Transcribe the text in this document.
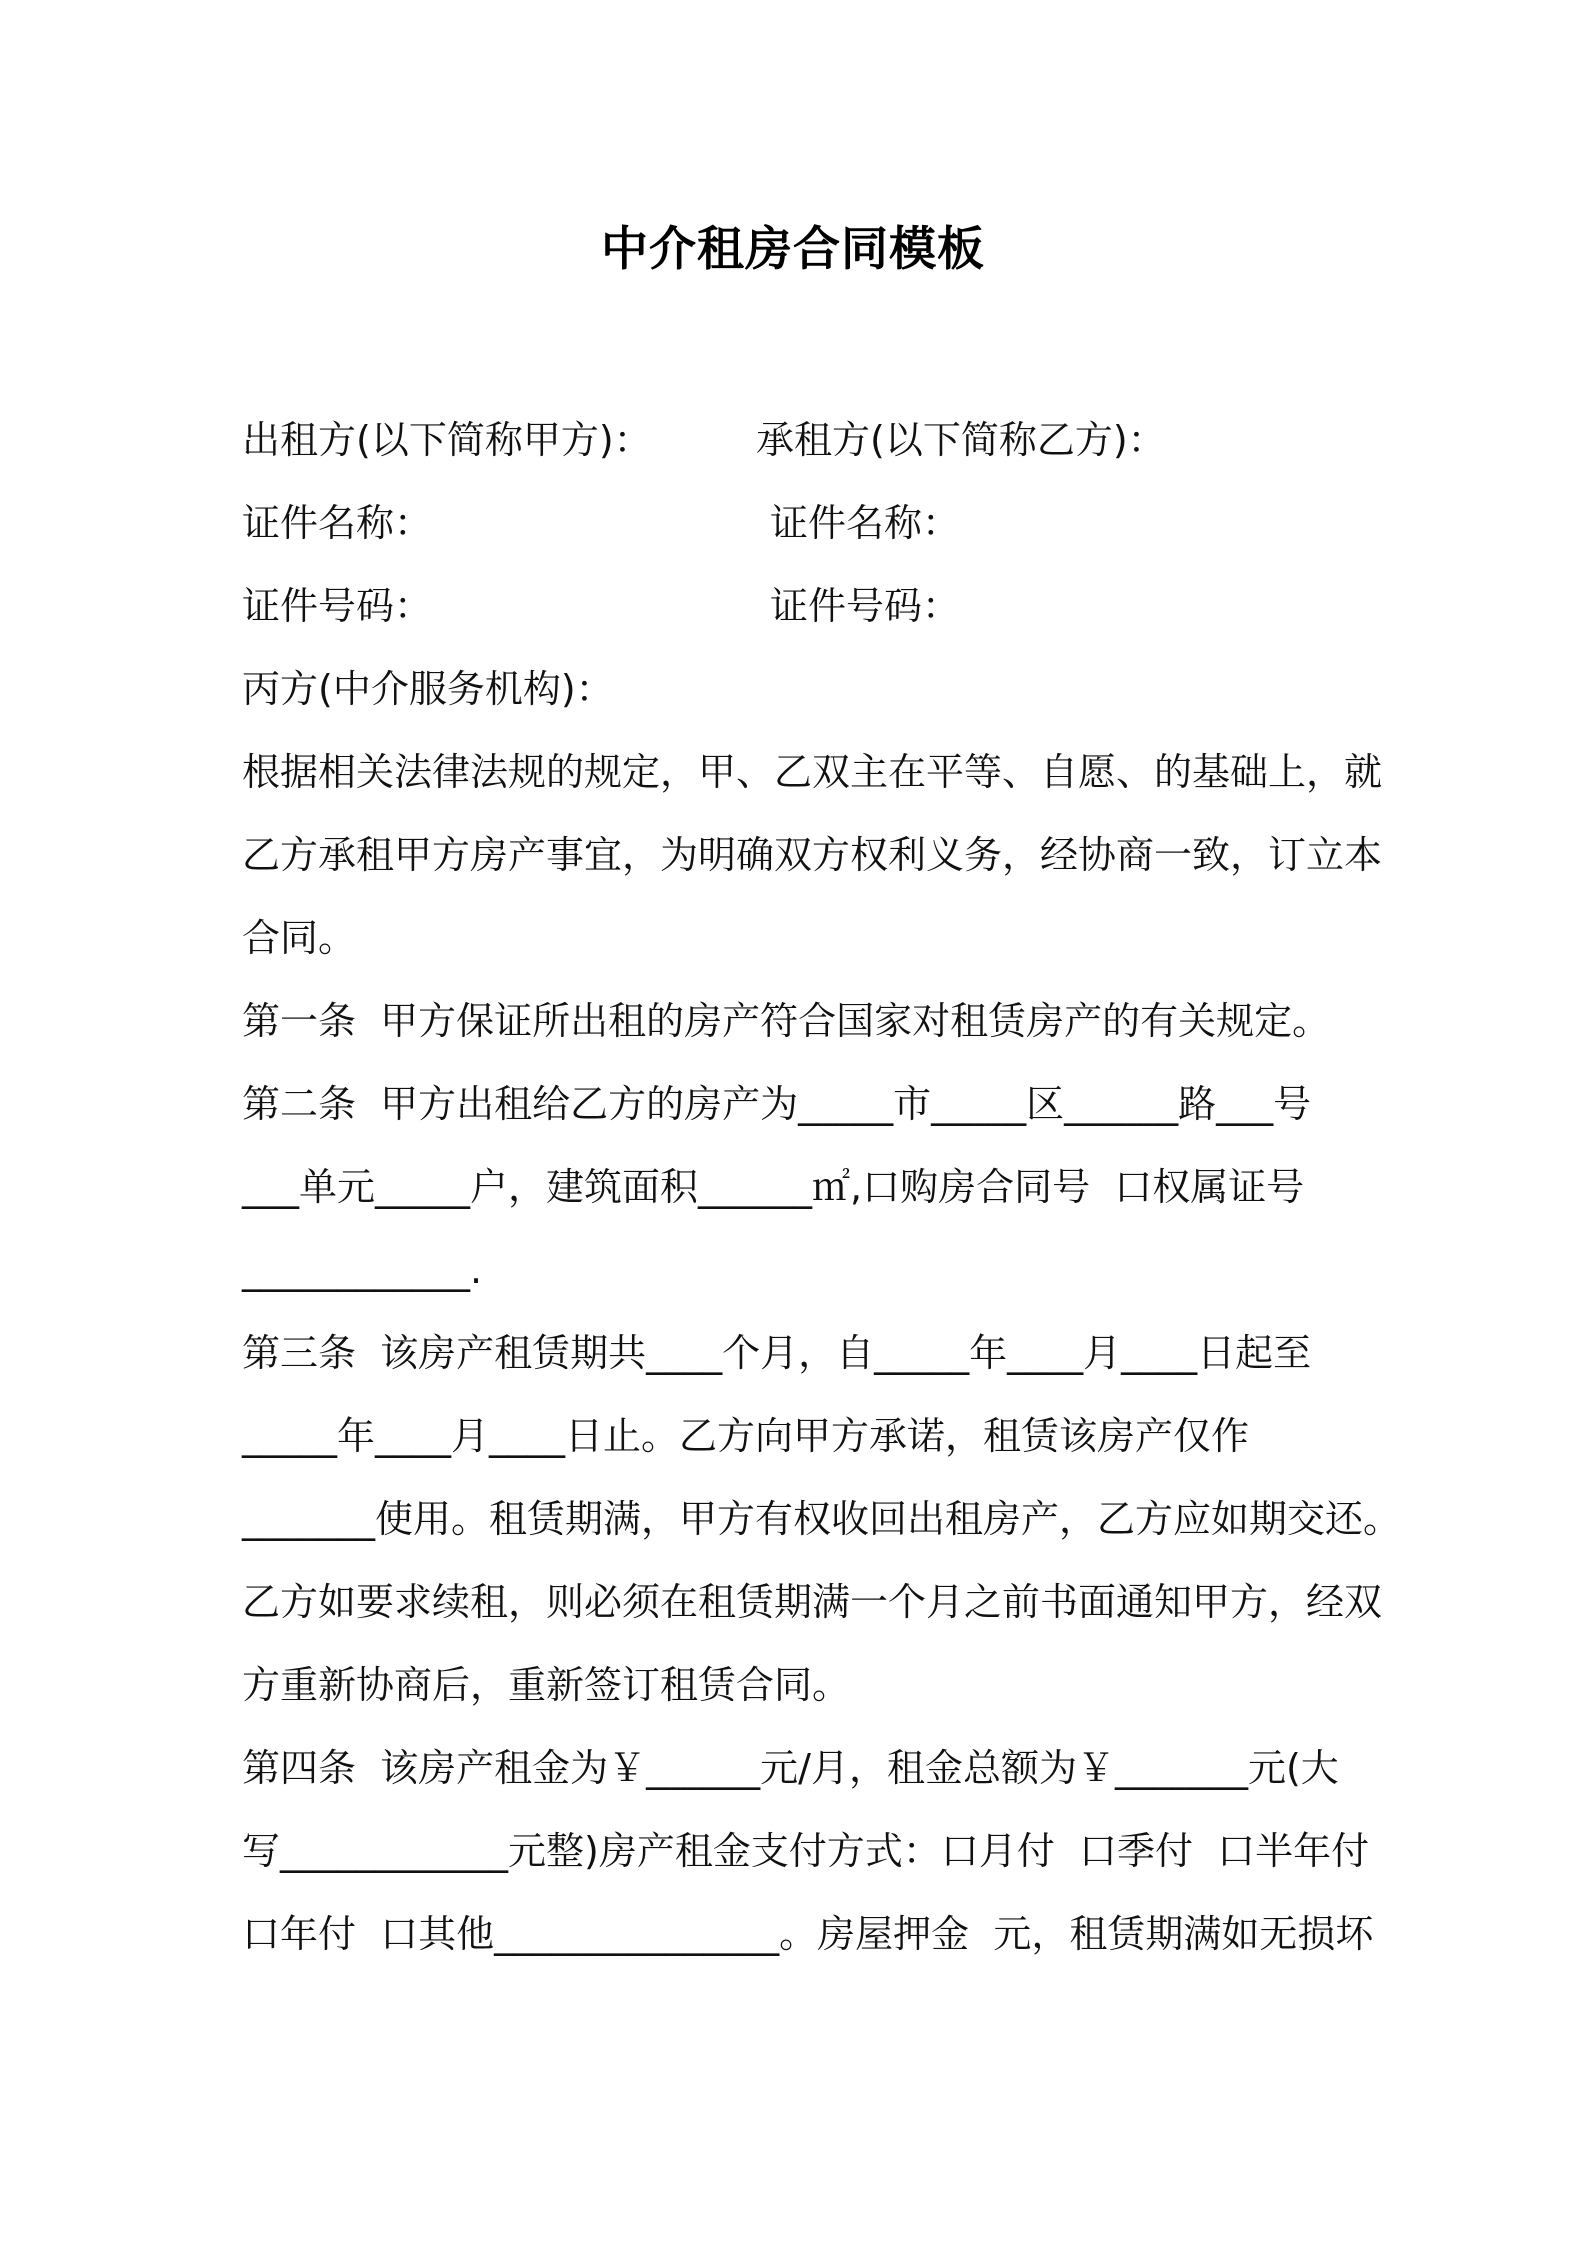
中介租房合同模板
出租方(以下简称甲方)：	承租方(以下简称乙方)：
证件名称：	证件名称：
证件号码：	证件号码：
丙方(中介服务机构)：
根据相关法律法规的规定，甲、乙双主在平等、自愿、的基础上，就
乙方承租甲方房产事宜，为明确双方权利义务，经协商一致，订立本
合同。
第一条  甲方保证所出租的房产符合国家对租赁房产的有关规定。
第二条  甲方出租给乙方的房产为_____市_____区______路___号
___单元_____户，建筑面积______㎡,口购房合同号  口权属证号
____________.
第三条  该房产租赁期共____个月，自_____年____月____日起至
_____年____月____日止。乙方向甲方承诺，租赁该房产仅作
_______使用。租赁期满，甲方有权收回出租房产，乙方应如期交还。
乙方如要求续租，则必须在租赁期满一个月之前书面通知甲方，经双
方重新协商后，重新签订租赁合同。
第四条  该房产租金为￥______元/月，租金总额为￥_______元(大
写____________元整)房产租金支付方式：口月付  口季付  口半年付
口年付  口其他_______________。房屋押金  元，租赁期满如无损坏
